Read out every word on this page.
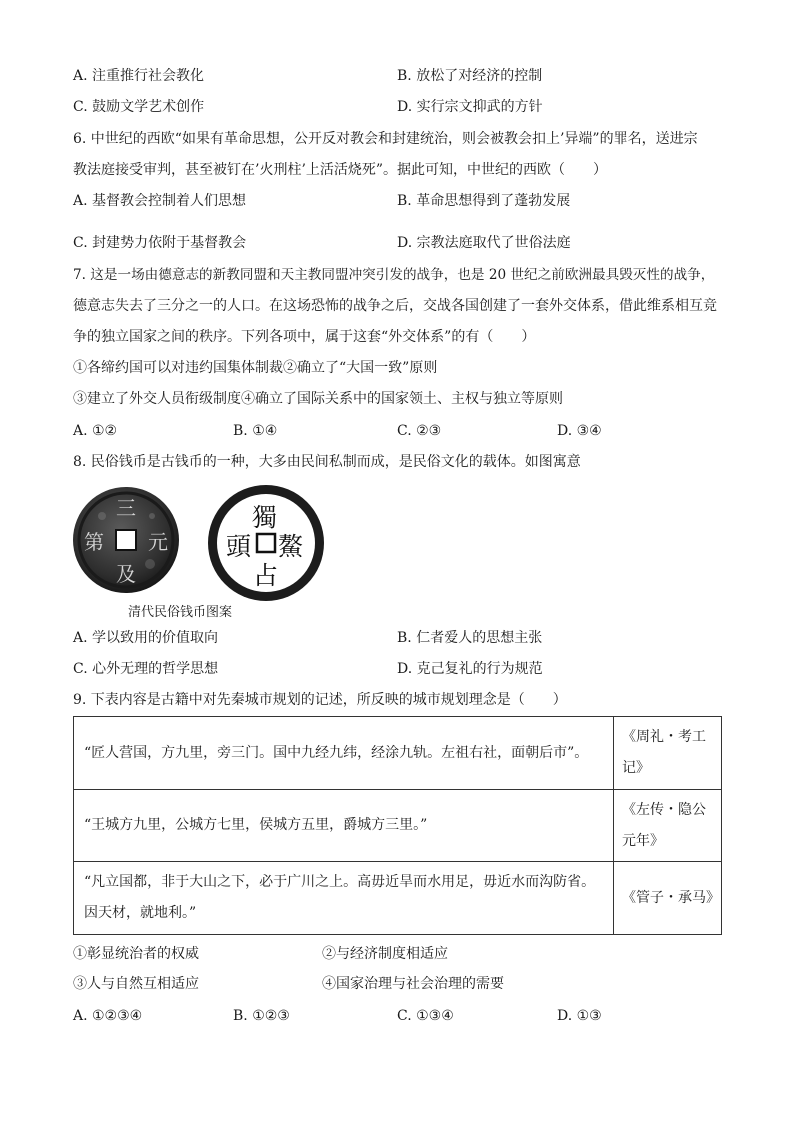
A. 注重推行社会教化	B. 放松了对经济的控制
C. 鼓励文学艺术创作	D. 实行宗文抑武的方针
6. 中世纪的西欧“如果有革命思想，公开反对教会和封建统治，则会被教会扣上’异端”的罪名，送进宗
教法庭接受审判，甚至被钉在’火刑柱’上活活烧死”。据此可知，中世纪的西欧（　　）
A. 基督教会控制着人们思想	B. 革命思想得到了蓬勃发展
C. 封建势力依附于基督教会	D. 宗教法庭取代了世俗法庭
7. 这是一场由德意志的新教同盟和天主教同盟冲突引发的战争，也是 20 世纪之前欧洲最具毁灭性的战争，
德意志失去了三分之一的人口。在这场恐怖的战争之后，交战各国创建了一套外交体系，借此维系相互竞
争的独立国家之间的秩序。下列各项中，属于这套“外交体系”的有（　　）
①各缔约国可以对违约国集体制裁②确立了“大国一致”原则
③建立了外交人员衔级制度④确立了国际关系中的国家领土、主权与独立等原则
A. ①②	B. ①④	C. ②③	D. ③④
8. 民俗钱币是古钱币的一种，大多由民间私制而成，是民俗文化的载体。如图寓意
三
元
及
第
獨
鰲
占
頭
清代民俗钱币图案
A. 学以致用的价值取向	B. 仁者爱人的思想主张
C. 心外无理的哲学思想	D. 克己复礼的行为规范
9. 下表内容是古籍中对先秦城市规划的记述，所反映的城市规划理念是（　　）
“匠人营国，方九里，旁三门。国中九经九纬，经涂九轨。左祖右社，面朝后市”。	《周礼・考工记》
“王城方九里，公城方七里，侯城方五里，爵城方三里。”	《左传・隐公元年》
“凡立国都，非于大山之下，必于广川之上。高毋近旱而水用足，毋近水而沟防省。因天材，就地利。”	《管子・承马》
①彰显统治者的权威	②与经济制度相适应
③人与自然互相适应	④国家治理与社会治理的需要
A. ①②③④	B. ①②③	C. ①③④	D. ①③
